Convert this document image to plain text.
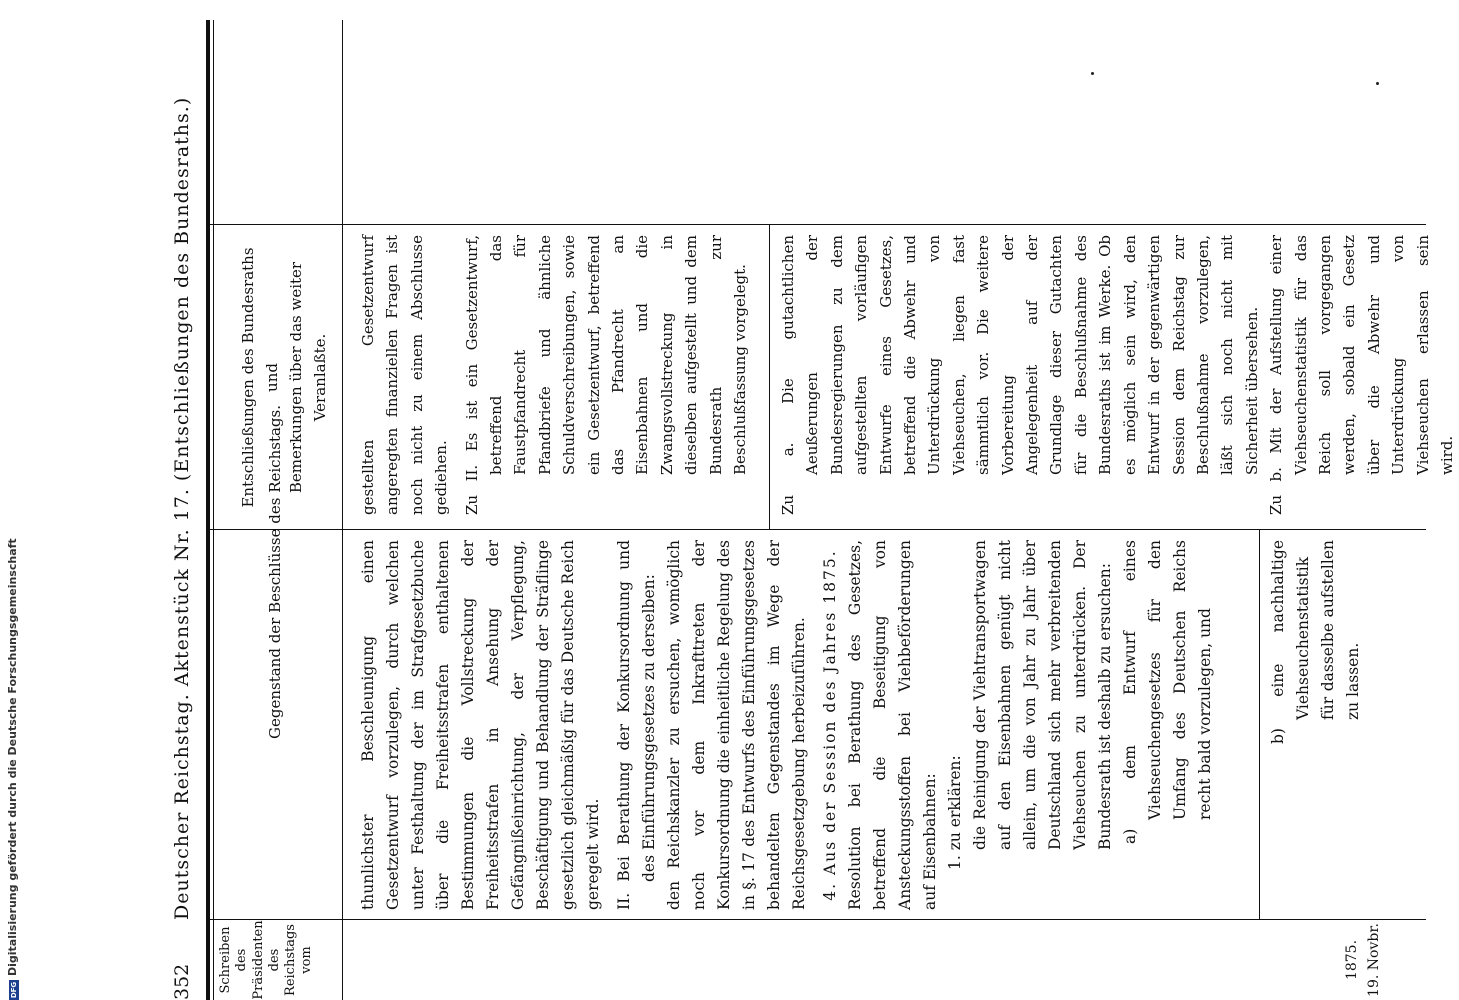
352
Deutscher Reichstag. Aktenstück Nr. 17. (Entschließungen des Bundesraths.)
Schreiben des Präsidenten des Reichstags vom
Gegenstand der Beschlüsse des Reichstags.
Entschließungen des Bundesraths und Bemerkungen über das weiter Veranlaßte.
1875. 19. Novbr.

thunlichster Beschleunigung einen Gesetzentwurf vorzulegen, durch welchen unter Festhaltung der im Strafgesetzbuche über die Freiheitsstrafen enthaltenen Bestimmungen die Vollstreckung der Freiheitsstrafen in Ansehung der Gefängnißeinrichtung, der Verpflegung, Beschäftigung und Behandlung der Sträflinge gesetzlich gleichmäßig für das Deutsche Reich geregelt wird. II. Bei Berathung der Konkursordnung und des Einführungsgesetzes zu derselben: den Reichskanzler zu ersuchen, womöglich noch vor dem Inkrafttreten der Konkursordnung die einheitliche Regelung des in §. 17 des Entwurfs des Einführungsgesetzes behandelten Gegenstandes im Wege der Reichsgesetzgebung herbeizuführen. 4. Aus der Session des Jahres 1875. Resolution bei Berathung des Gesetzes, betreffend die Beseitigung von Ansteckungsstoffen bei Viehbeförderungen auf Eisenbahnen: 1. zu erklären: die Reinigung der Viehtransportwagen auf den Eisenbahnen genügt nicht allein, um die von Jahr zu Jahr über Deutschland sich mehr verbreitenden Viehseuchen zu unterdrücken. Der Bundesrath ist deshalb zu ersuchen: a) dem Entwurf eines Viehseuchengesetzes für den Umfang des Deutschen Reichs recht bald vorzulegen, und	b) eine nachhaltige Viehseuchenstatistik für dasselbe aufstellen zu lassen.

gestellten Gesetzentwurf angeregten finanziellen Fragen ist noch nicht zu einem Abschlusse gediehen. Zu II. Es ist ein Gesetzentwurf, betreffend das Faustpfandrecht für Pfandbriefe und ähnliche Schuldverschreibungen, sowie ein Gesetzentwurf, betreffend das Pfandrecht an Eisenbahnen und die Zwangsvollstreckung in dieselben aufgestellt und dem Bundesrath zur Beschlußfassung vorgelegt. Zu a. Die gutachtlichen Aeußerungen der Bundesregierungen zu dem aufgestellten vorläufigen Entwurfe eines Gesetzes, betreffend die Abwehr und Unterdrückung von Viehseuchen, liegen fast sämmtlich vor. Die weitere Vorbereitung der Angelegenheit auf der Grundlage dieser Gutachten für die Beschlußnahme des Bundesraths ist im Werke. Ob es möglich sein wird, den Entwurf in der gegenwärtigen Session dem Reichstag zur Beschlußnahme vorzulegen, läßt sich noch nicht mit Sicherheit übersehen. Zu b. Mit der Aufstellung einer Viehseuchenstatistik für das Reich soll vorgegangen werden, sobald ein Gesetz über die Abwehr und Unterdrückung von Viehseuchen erlassen sein wird.

DFGDigitalisierung gefördert durch die Deutsche Forschungsgemeinschaft
